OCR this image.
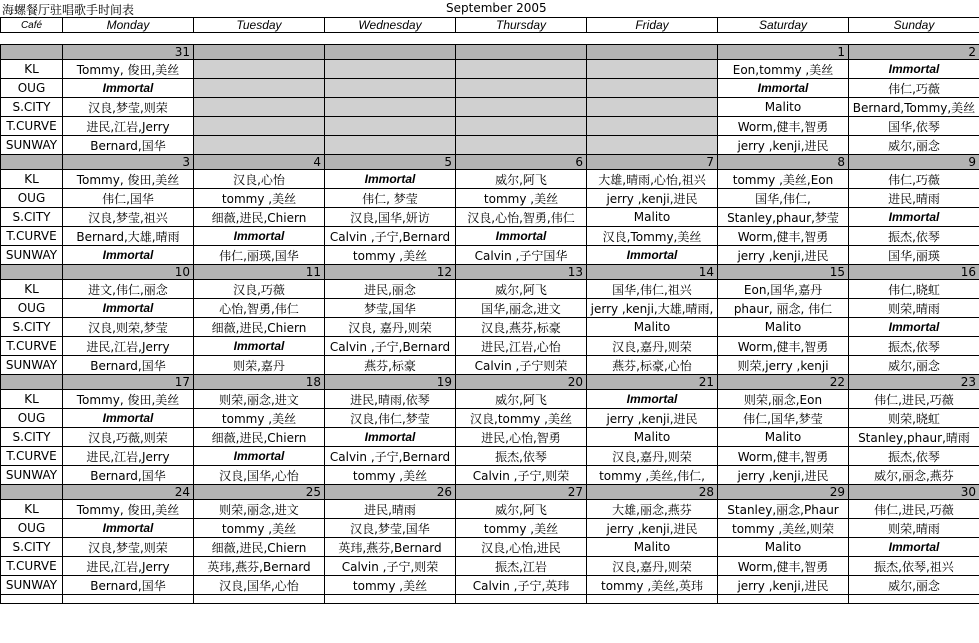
海螺餐厅驻唱歌手时间表	September 2005
Café	Monday	Tuesday	Wednesday	Thursday	Friday	Saturday	Sunday

	31					1	2
KL	Tommy, 俊田,美丝					Eon,tommy ,美丝	Immortal
OUG	Immortal					Immortal	伟仁,巧薇
S.CITY	汉良,梦莹,则荣					Malito	Bernard,Tommy,美丝
T.CURVE	进民,江岩,Jerry					Worm,健丰,智勇	国华,依琴
SUNWAY	Bernard,国华					jerry ,kenji,进民	威尔,丽念
	3	4	5	6	7	8	9
KL	Tommy, 俊田,美丝	汉良,心怡	Immortal	威尔,阿飞	大雄,晴雨,心怡,祖兴	tommy ,美丝,Eon	伟仁,巧薇
OUG	伟仁,国华	tommy ,美丝	伟仁, 梦莹	tommy ,美丝	jerry ,kenji,进民	国华,伟仁,	进民,晴雨
S.CITY	汉良,梦莹,祖兴	细薇,进民,Chiern	汉良,国华,妍访	汉良,心怡,智勇,伟仁	Malito	Stanley,phaur,梦莹	Immortal
T.CURVE	Bernard,大雄,晴雨	Immortal	Calvin ,子宁,Bernard	Immortal	汉良,Tommy,美丝	Worm,健丰,智勇	振杰,依琴
SUNWAY	Immortal	伟仁,丽瑛,国华	tommy ,美丝	Calvin ,子宁国华	Immortal	jerry ,kenji,进民	国华,丽瑛
	10	11	12	13	14	15	16
KL	进文,伟仁,丽念	汉良,巧薇	进民,丽念	威尔,阿飞	国华,伟仁,祖兴	Eon,国华,嘉丹	伟仁,晓虹
OUG	Immortal	心怡,智勇,伟仁	梦莹,国华	国华,丽念,进文	jerry ,kenji,大雄,晴雨,	phaur, 丽念, 伟仁	则荣,晴雨
S.CITY	汉良,则荣,梦莹	细薇,进民,Chiern	汉良, 嘉丹,则荣	汉良,燕芬,标豪	Malito	Malito	Immortal
T.CURVE	进民,江岩,Jerry	Immortal	Calvin ,子宁,Bernard	进民,江岩,心怡	汉良,嘉丹,则荣	Worm,健丰,智勇	振杰,依琴
SUNWAY	Bernard,国华	则荣,嘉丹	燕芬,标豪	Calvin ,子宁则荣	燕芬,标豪,心怡	则荣,jerry ,kenji	威尔,丽念
	17	18	19	20	21	22	23
KL	Tommy, 俊田,美丝	则荣,丽念,进文	进民,晴雨,依琴	威尔,阿飞	Immortal	则荣,丽念,Eon	伟仁,进民,巧薇
OUG	Immortal	tommy ,美丝	汉良,伟仁,梦莹	汉良,tommy ,美丝	jerry ,kenji,进民	伟仁,国华,梦莹	则荣,晓虹
S.CITY	汉良,巧薇,则荣	细薇,进民,Chiern	Immortal	进民,心怡,智勇	Malito	Malito	Stanley,phaur,晴雨
T.CURVE	进民,江岩,Jerry	Immortal	Calvin ,子宁,Bernard	振杰,依琴	汉良,嘉丹,则荣	Worm,健丰,智勇	振杰,依琴
SUNWAY	Bernard,国华	汉良,国华,心怡	tommy ,美丝	Calvin ,子宁,则荣	tommy ,美丝,伟仁,	jerry ,kenji,进民	威尔,丽念,燕芬
	24	25	26	27	28	29	30
KL	Tommy, 俊田,美丝	则荣,丽念,进文	进民,晴雨	威尔,阿飞	大雄,丽念,燕芬	Stanley,丽念,Phaur	伟仁,进民,巧薇
OUG	Immortal	tommy ,美丝	汉良,梦莹,国华	tommy ,美丝	jerry ,kenji,进民	tommy ,美丝,则荣	则荣,晴雨
S.CITY	汉良,梦莹,则荣	细薇,进民,Chiern	英玮,燕芬,Bernard	汉良,心怡,进民	Malito	Malito	Immortal
T.CURVE	进民,江岩,Jerry	英玮,燕芬,Bernard	Calvin ,子宁,则荣	振杰,江岩	汉良,嘉丹,则荣	Worm,健丰,智勇	振杰,依琴,祖兴
SUNWAY	Bernard,国华	汉良,国华,心怡	tommy ,美丝	Calvin ,子宁,英玮	tommy ,美丝,英玮	jerry ,kenji,进民	威尔,丽念
